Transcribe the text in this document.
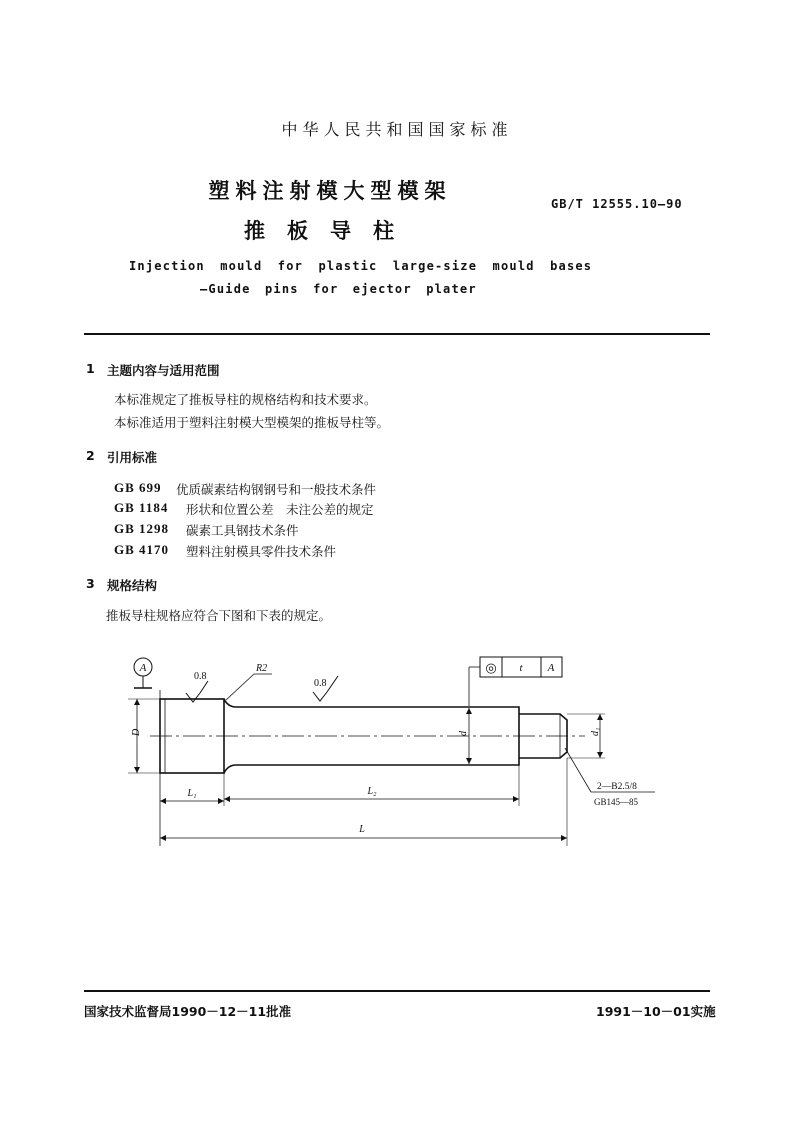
中华人民共和国国家标准
塑料注射模大型模架
推板导柱
GB/T 12555.10—90
Injection mould for plastic large-size mould bases
—Guide pins for ejector plater
1 主题内容与适用范围
本标准规定了推板导柱的规格结构和技术要求。
本标准适用于塑料注射模大型模架的推板导柱等。
2 引用标准
GB 699 优质碳素结构钢钢号和一般技术条件
GB 1184 形状和位置公差　未注公差的规定
GB 1298 碳素工具钢技术条件
GB 4170 塑料注射模具零件技术条件
3 规格结构
推板导柱规格应符合下图和下表的规定。
A
0.8
0.8
R2	◎ t A
d
D	d₁
L₁	L₂
L
2—B2.5/8
GB145—85
国家技术监督局1990－12－11批准	1991－10－01实施
